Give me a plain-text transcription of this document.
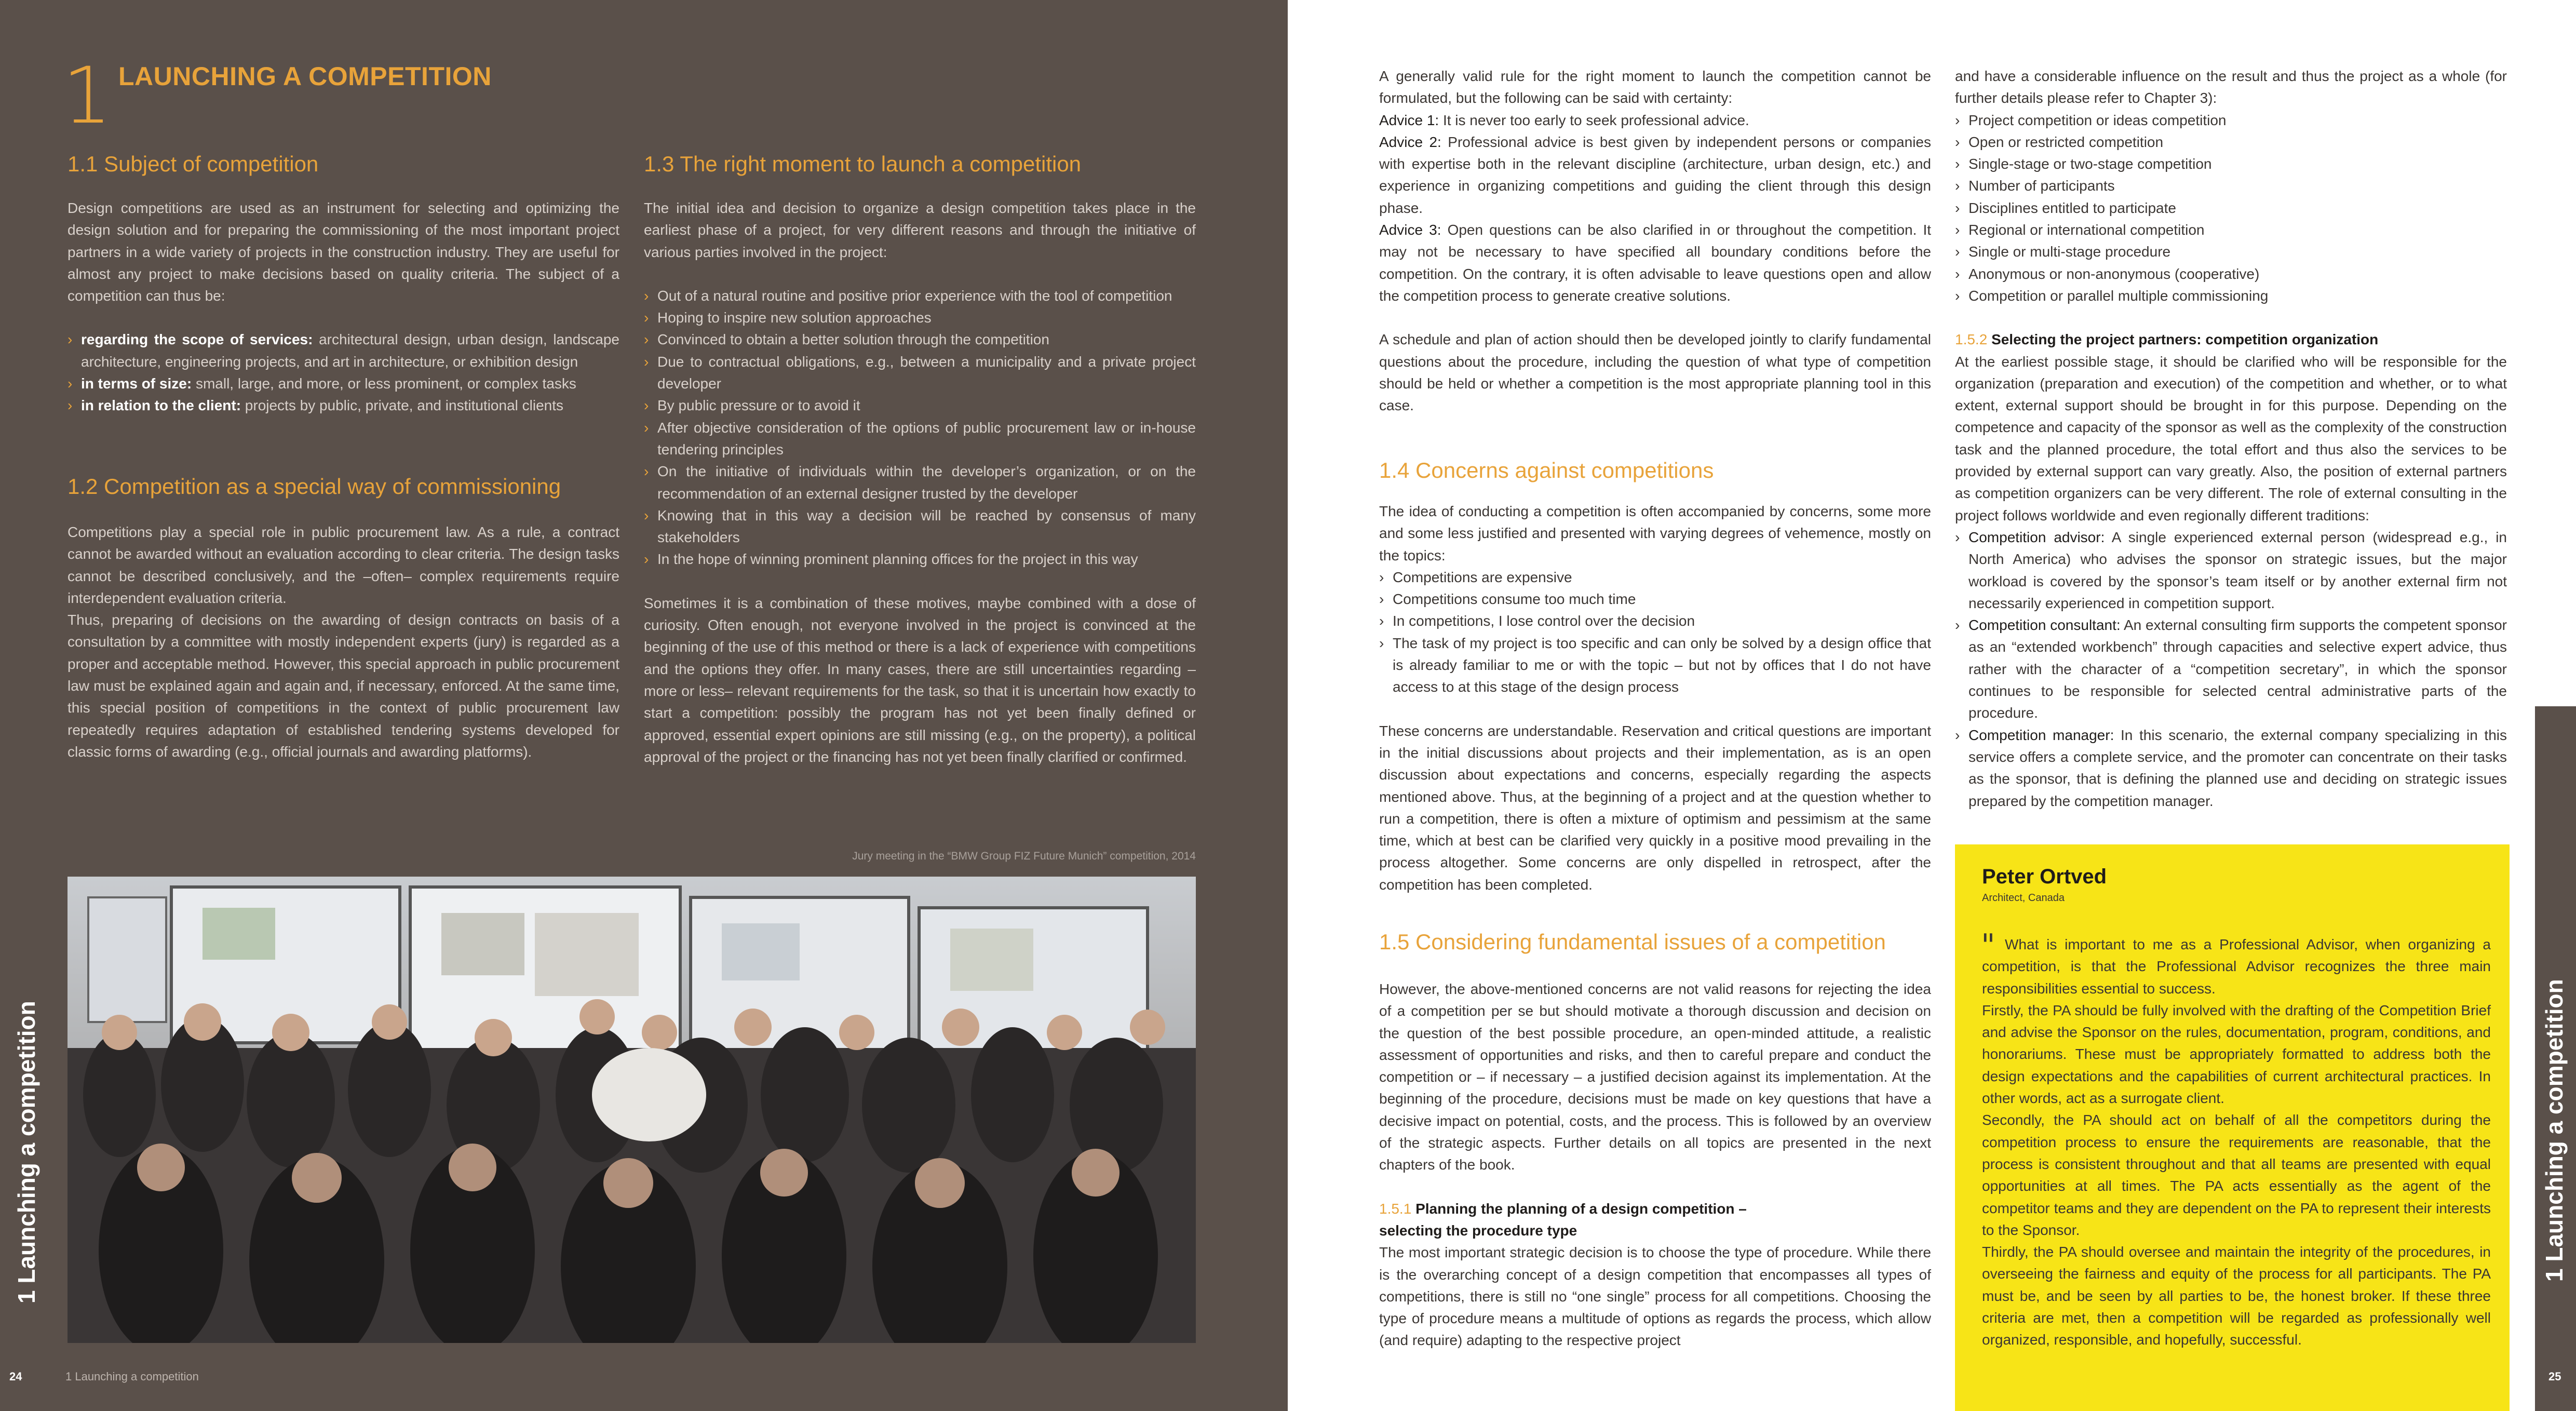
1 LAUNCHING A COMPETITION
1.1 Subject of competition

Design competitions are used as an instrument for selecting and optimizing the design solution and for preparing the commissioning of the most important project partners in a wide variety of projects in the construction industry. They are useful for almost any project to make decisions based on quality criteria. The subject of a competition can thus be:

› regarding the scope of services: architectural design, urban design, landscape architecture, engineering projects, and art in architecture, or exhibition design
› in terms of size: small, large, and more, or less prominent, or complex tasks
› in relation to the client: projects by public, private, and institutional clients
1.2 Competition as a special way of commissioning

Competitions play a special role in public procurement law. As a rule, a contract cannot be awarded without an evaluation according to clear criteria. The design tasks cannot be described conclusively, and the –often– complex requirements require interdependent evaluation criteria.

Thus, preparing of decisions on the awarding of design contracts on basis of a consultation by a committee with mostly independent experts (jury) is regarded as a proper and acceptable method. However, this special approach in public procurement law must be explained again and again and, if necessary, enforced. At the same time, this special position of competitions in the context of public procurement law repeatedly requires adaptation of established tendering systems developed for classic forms of awarding (e.g., official journals and awarding platforms).

1.3 The right moment to launch a competition

The initial idea and decision to organize a design competition takes place in the earliest phase of a project, for very different reasons and through the initiative of various parties involved in the project:

› Out of a natural routine and positive prior experience with the tool of competition
› Hoping to inspire new solution approaches
› Convinced to obtain a better solution through the competition
› Due to contractual obligations, e.g., between a municipality and a private project developer
› By public pressure or to avoid it
› After objective consideration of the options of public procurement law or in-house tendering principles
› On the initiative of individuals within the developer’s organization, or on the recommendation of an external designer trusted by the developer
› Knowing that in this way a decision will be reached by consensus of many stakeholders
› In the hope of winning prominent planning offices for the project in this way

Sometimes it is a combination of these motives, maybe combined with a dose of curiosity. Often enough, not everyone involved in the project is convinced at the beginning of the use of this method or there is a lack of experience with competitions and the options they offer. In many cases, there are still uncertainties regarding –more or less– relevant requirements for the task, so that it is uncertain how exactly to start a competition: possibly the program has not yet been finally defined or approved, essential expert opinions are still missing (e.g., on the property), a political approval of the project or the financing has not yet been finally clarified or confirmed.

Jury meeting in the “BMW Group FIZ Future Munich” competition, 2014
1 Launching a competition
24	1 Launching a competition

A generally valid rule for the right moment to launch the competition cannot be formulated, but the following can be said with certainty:

Advice 1: It is never too early to seek professional advice.

Advice 2: Professional advice is best given by independent persons or companies with expertise both in the relevant discipline (architecture, urban design, etc.) and experience in organizing competitions and guiding the client through this design phase.

Advice 3: Open questions can be also clarified in or throughout the competition. It may not be necessary to have specified all boundary conditions before the competition. On the contrary, it is often advisable to leave questions open and allow the competition process to generate creative solutions.

A schedule and plan of action should then be developed jointly to clarify fundamental questions about the procedure, including the question of what type of competition should be held or whether a competition is the most appropriate planning tool in this case.

1.4 Concerns against competitions

The idea of conducting a competition is often accompanied by concerns, some more and some less justified and presented with varying degrees of vehemence, mostly on the topics:

› Competitions are expensive
› Competitions consume too much time
› In competitions, I lose control over the decision
› The task of my project is too specific and can only be solved by a design office that is already familiar to me or with the topic – but not by offices that I do not have access to at this stage of the design process

These concerns are understandable. Reservation and critical questions are important in the initial discussions about projects and their implementation, as is an open discussion about expectations and concerns, especially regarding the aspects mentioned above. Thus, at the beginning of a project and at the question whether to run a competition, there is often a mixture of optimism and pessimism at the same time, which at best can be clarified very quickly in a positive mood prevailing in the process altogether. Some concerns are only dispelled in retrospect, after the competition has been completed.

1.5 Considering fundamental issues of a competition

However, the above-mentioned concerns are not valid reasons for rejecting the idea of a competition per se but should motivate a thorough discussion and decision on the question of the best possible procedure, an open-minded attitude, a realistic assessment of opportunities and risks, and then to careful prepare and conduct the competition or – if necessary – a justified decision against its implementation. At the beginning of the procedure, decisions must be made on key questions that have a decisive impact on potential, costs, and the process. This is followed by an overview of the strategic aspects. Further details on all topics are presented in the next chapters of the book.

1.5.1 Planning the planning of a design competition –
selecting the procedure type

The most important strategic decision is to choose the type of procedure. While there is the overarching concept of a design competition that encompasses all types of competitions, there is still no “one single” process for all competitions. Choosing the type of procedure means a multitude of options as regards the process, which allow (and require) adapting to the respective project

and have a considerable influence on the result and thus the project as a whole (for further details please refer to Chapter 3):

› Project competition or ideas competition
› Open or restricted competition
› Single-stage or two-stage competition
› Number of participants
› Disciplines entitled to participate
› Regional or international competition
› Single or multi-stage procedure
› Anonymous or non-anonymous (cooperative)
› Competition or parallel multiple commissioning
1.5.2 Selecting the project partners: competition organization

At the earliest possible stage, it should be clarified who will be responsible for the organization (preparation and execution) of the competition and whether, or to what extent, external support should be brought in for this purpose. Depending on the competence and capacity of the sponsor as well as the complexity of the construction task and the planned procedure, the total effort and thus also the services to be provided by external support can vary greatly. Also, the position of external partners as competition organizers can be very different. The role of external consulting in the project follows worldwide and even regionally different traditions:

› Competition advisor: A single experienced external person (widespread e.g., in North America) who advises the sponsor on strategic issues, but the major workload is covered by the sponsor’s team itself or by another external firm not necessarily experienced in competition support.
› Competition consultant: An external consulting firm supports the competent sponsor as an “extended workbench” through capacities and selective expert advice, thus rather with the character of a “competition secretary”, in which the sponsor continues to be responsible for selected central administrative parts of the procedure.
› Competition manager: In this scenario, the external company specializing in this service offers a complete service, and the promoter can concentrate on their tasks as the sponsor, that is defining the planned use and deciding on strategic issues prepared by the competition manager.
Peter Ortved
Architect, Canada
" What is important to me as a Professional Advisor, when organizing a competition, is that the Professional Advisor recognizes the three main responsibilities essential to success.

Firstly, the PA should be fully involved with the drafting of the Competition Brief and advise the Sponsor on the rules, documentation, program, conditions, and honorariums. These must be appropriately formatted to address both the design expectations and the capabilities of current architectural practices. In other words, act as a surrogate client.

Secondly, the PA should act on behalf of all the competitors during the competition process to ensure the requirements are reasonable, that the process is consistent throughout and that all teams are presented with equal opportunities at all times. The PA acts essentially as the agent of the competitor teams and they are dependent on the PA to represent their interests to the Sponsor.

Thirdly, the PA should oversee and maintain the integrity of the procedures, in overseeing the fairness and equity of the process for all participants. The PA must be, and be seen by all parties to be, the honest broker. If these three criteria are met, then a competition will be regarded as professionally well organized, responsible, and hopefully, successful.

1 Launching a competition
25
